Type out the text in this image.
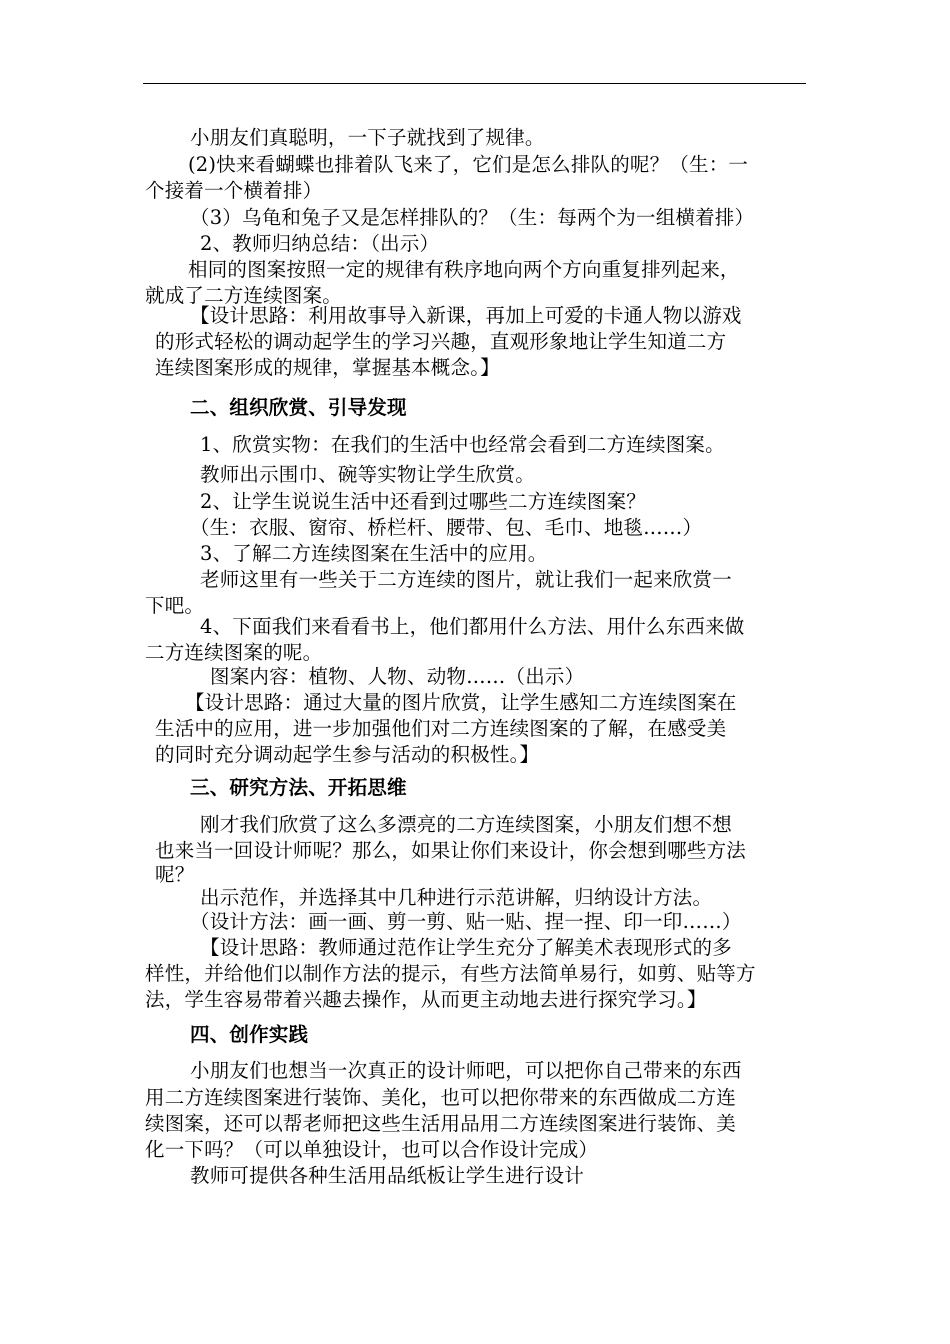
小朋友们真聪明，一下子就找到了规律。
(2)快来看蝴蝶也排着队飞来了，它们是怎么排队的呢？（生：一
个接着一个横着排）
（3）乌龟和兔子又是怎样排队的？（生：每两个为一组横着排）
2、教师归纳总结：（出示）
相同的图案按照一定的规律有秩序地向两个方向重复排列起来，
就成了二方连续图案。
【设计思路：利用故事导入新课，再加上可爱的卡通人物以游戏
的形式轻松的调动起学生的学习兴趣，直观形象地让学生知道二方
连续图案形成的规律，掌握基本概念。】
二、组织欣赏、引导发现
1、欣赏实物：在我们的生活中也经常会看到二方连续图案。
教师出示围巾、碗等实物让学生欣赏。
2、让学生说说生活中还看到过哪些二方连续图案？
（生：衣服、窗帘、桥栏杆、腰带、包、毛巾、地毯……）
3、了解二方连续图案在生活中的应用。
老师这里有一些关于二方连续的图片，就让我们一起来欣赏一
下吧。
4、下面我们来看看书上，他们都用什么方法、用什么东西来做
二方连续图案的呢。
图案内容：植物、人物、动物……（出示）
【设计思路：通过大量的图片欣赏，让学生感知二方连续图案在
生活中的应用，进一步加强他们对二方连续图案的了解，在感受美
的同时充分调动起学生参与活动的积极性。】
三、研究方法、开拓思维
刚才我们欣赏了这么多漂亮的二方连续图案，小朋友们想不想
也来当一回设计师呢？那么，如果让你们来设计，你会想到哪些方法
呢？
出示范作，并选择其中几种进行示范讲解，归纳设计方法。
（设计方法：画一画、剪一剪、贴一贴、捏一捏、印一印……）
【设计思路：教师通过范作让学生充分了解美术表现形式的多
样性，并给他们以制作方法的提示，有些方法简单易行，如剪、贴等方
法，学生容易带着兴趣去操作，从而更主动地去进行探究学习。】
四、创作实践
小朋友们也想当一次真正的设计师吧，可以把你自己带来的东西
用二方连续图案进行装饰、美化，也可以把你带来的东西做成二方连
续图案，还可以帮老师把这些生活用品用二方连续图案进行装饰、美
化一下吗？（可以单独设计，也可以合作设计完成）
教师可提供各种生活用品纸板让学生进行设计
